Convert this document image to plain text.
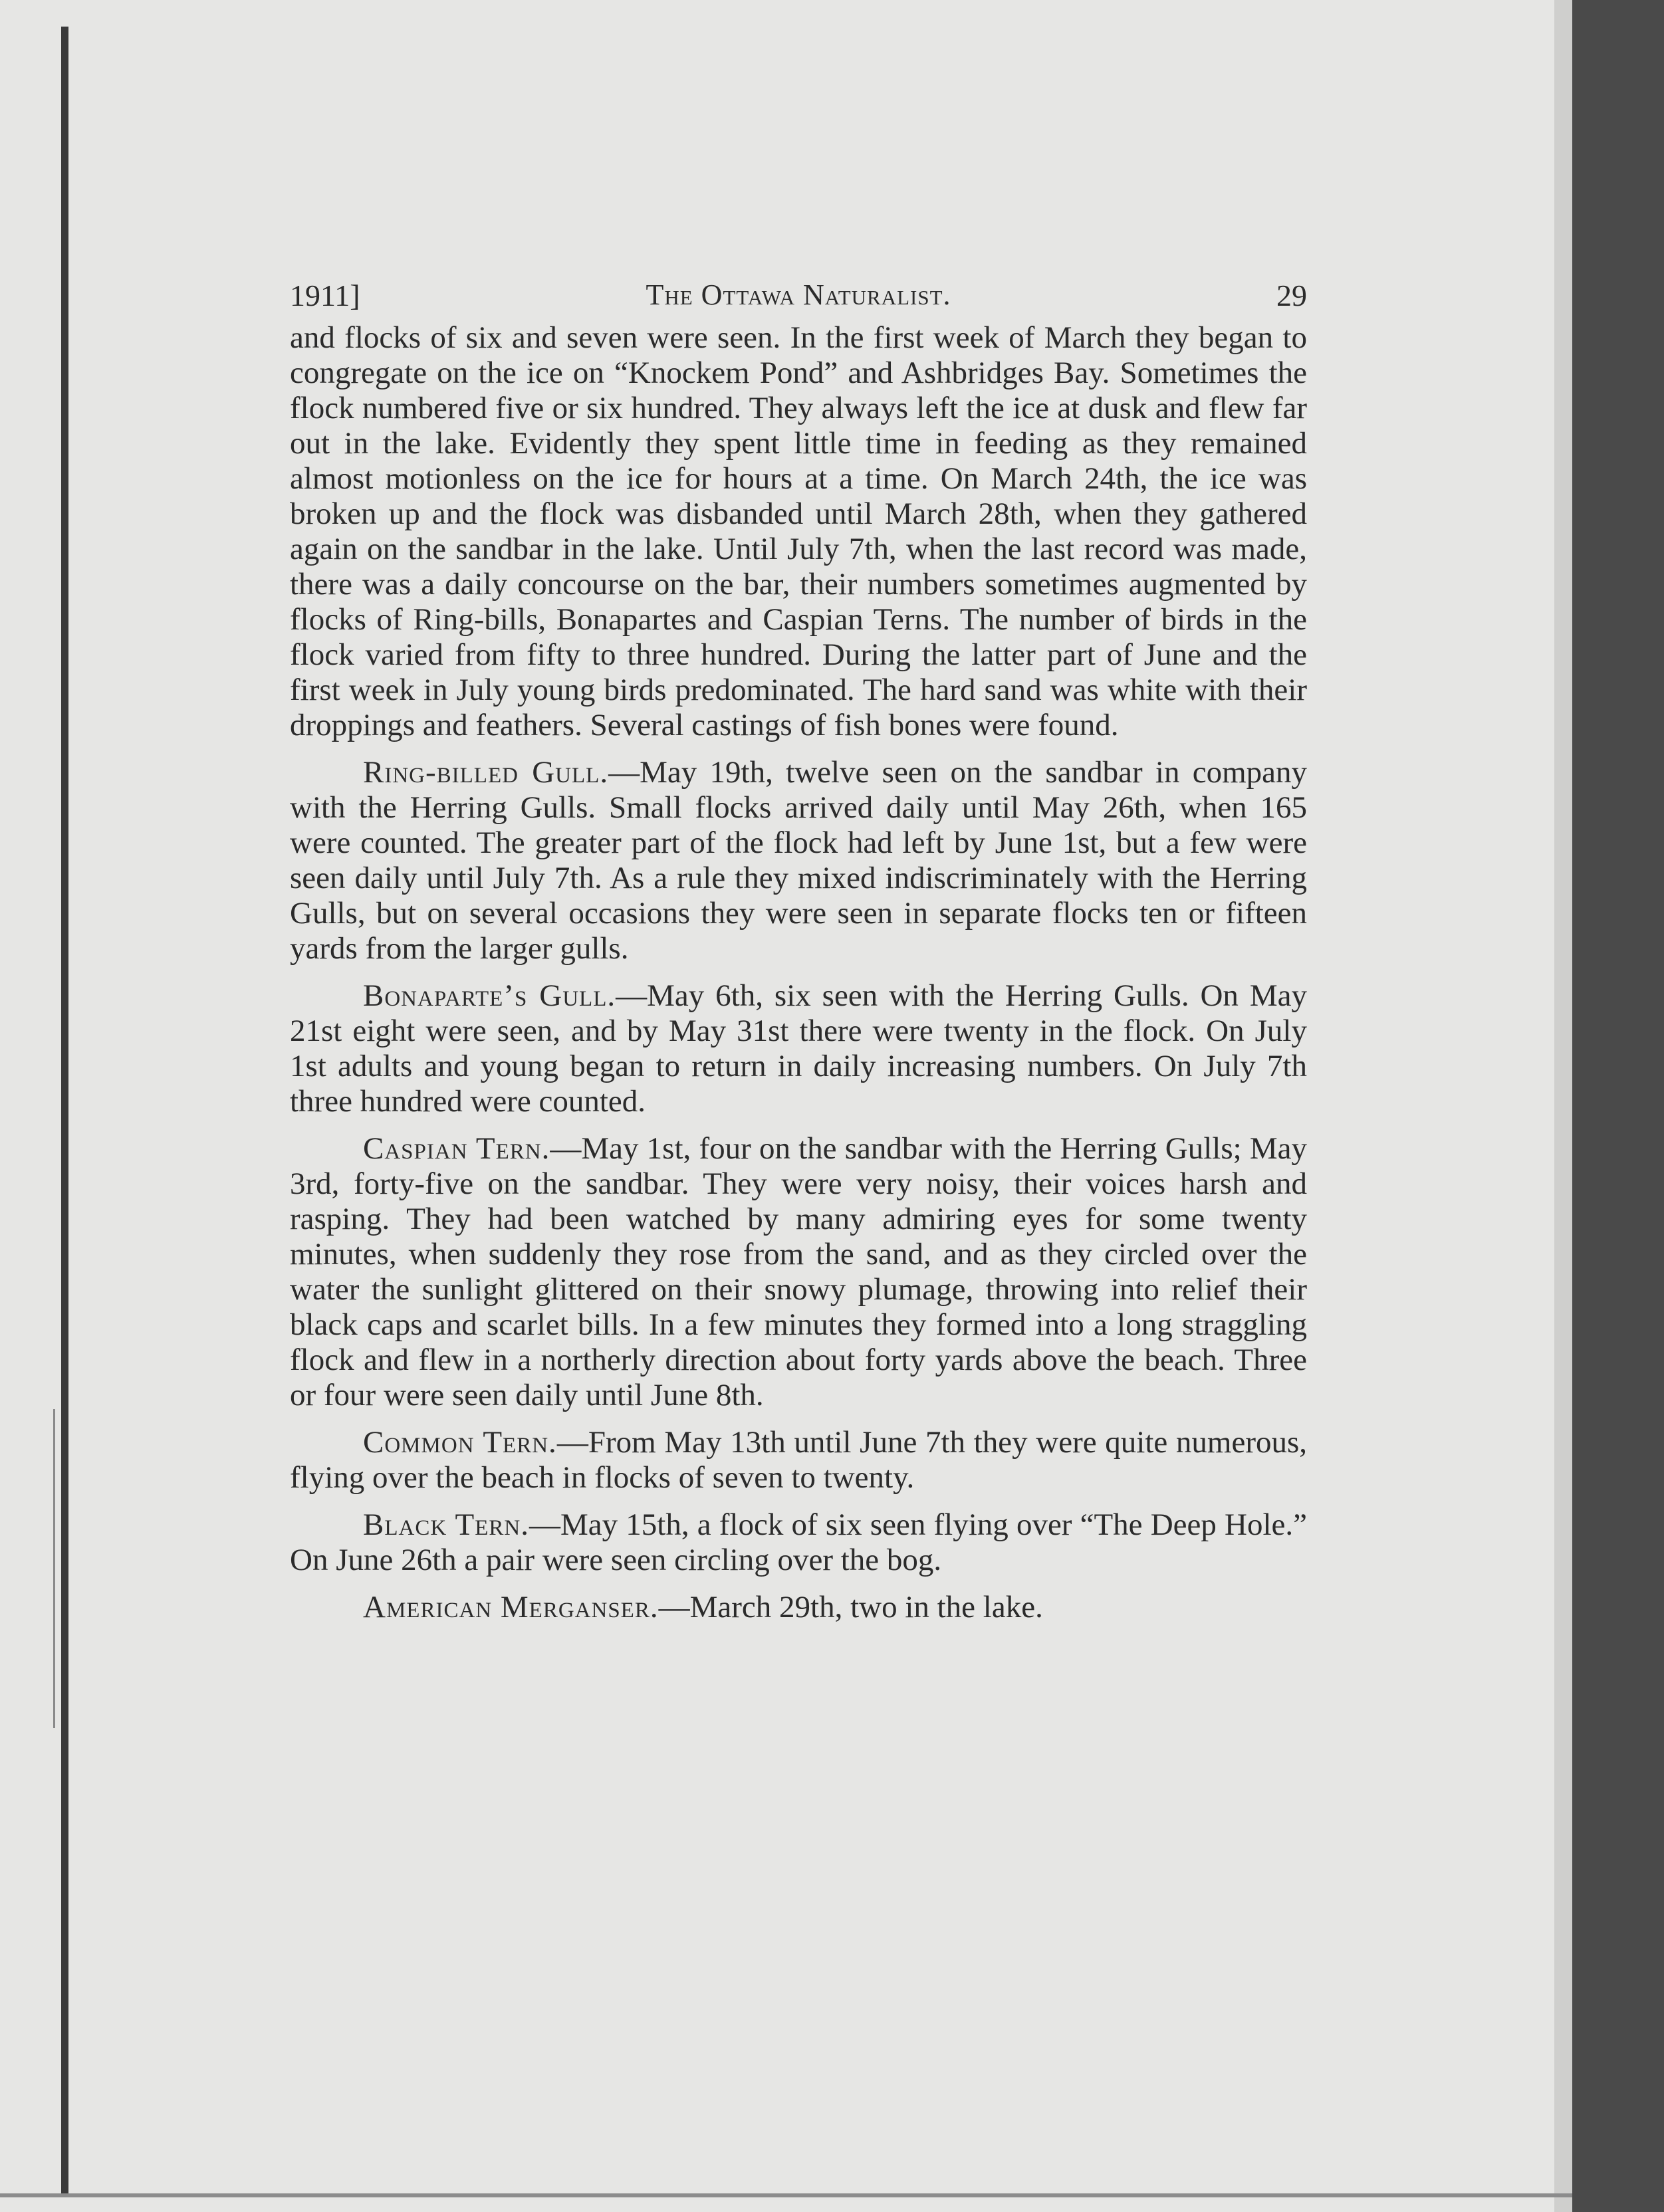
1911]	The Ottawa Naturalist.	29

and flocks of six and seven were seen. In the first week of March they began to congregate on the ice on “Knockem Pond” and Ashbridges Bay. Sometimes the flock numbered five or six hundred. They always left the ice at dusk and flew far out in the lake. Evidently they spent little time in feeding as they remained almost motionless on the ice for hours at a time. On March 24th, the ice was broken up and the flock was disbanded until March 28th, when they gathered again on the sandbar in the lake. Until July 7th, when the last record was made, there was a daily concourse on the bar, their numbers sometimes augmented by flocks of Ring-bills, Bonapartes and Caspian Terns. The number of birds in the flock varied from fifty to three hundred. During the latter part of June and the first week in July young birds predominated. The hard sand was white with their droppings and feathers. Several castings of fish bones were found.

Ring-billed Gull.—May 19th, twelve seen on the sandbar in company with the Herring Gulls. Small flocks arrived daily until May 26th, when 165 were counted. The greater part of the flock had left by June 1st, but a few were seen daily until July 7th. As a rule they mixed indiscriminately with the Herring Gulls, but on several occasions they were seen in separate flocks ten or fifteen yards from the larger gulls.

Bonaparte’s Gull.—May 6th, six seen with the Herring Gulls. On May 21st eight were seen, and by May 31st there were twenty in the flock. On July 1st adults and young began to return in daily increasing numbers. On July 7th three hundred were counted.

Caspian Tern.—May 1st, four on the sandbar with the Herring Gulls; May 3rd, forty-five on the sandbar. They were very noisy, their voices harsh and rasping. They had been watched by many admiring eyes for some twenty minutes, when suddenly they rose from the sand, and as they circled over the water the sunlight glittered on their snowy plumage, throwing into relief their black caps and scarlet bills. In a few minutes they formed into a long straggling flock and flew in a northerly direction about forty yards above the beach. Three or four were seen daily until June 8th.

Common Tern.—From May 13th until June 7th they were quite numerous, flying over the beach in flocks of seven to twenty.

Black Tern.—May 15th, a flock of six seen flying over “The Deep Hole.” On June 26th a pair were seen circling over the bog.

American Merganser.—March 29th, two in the lake.
